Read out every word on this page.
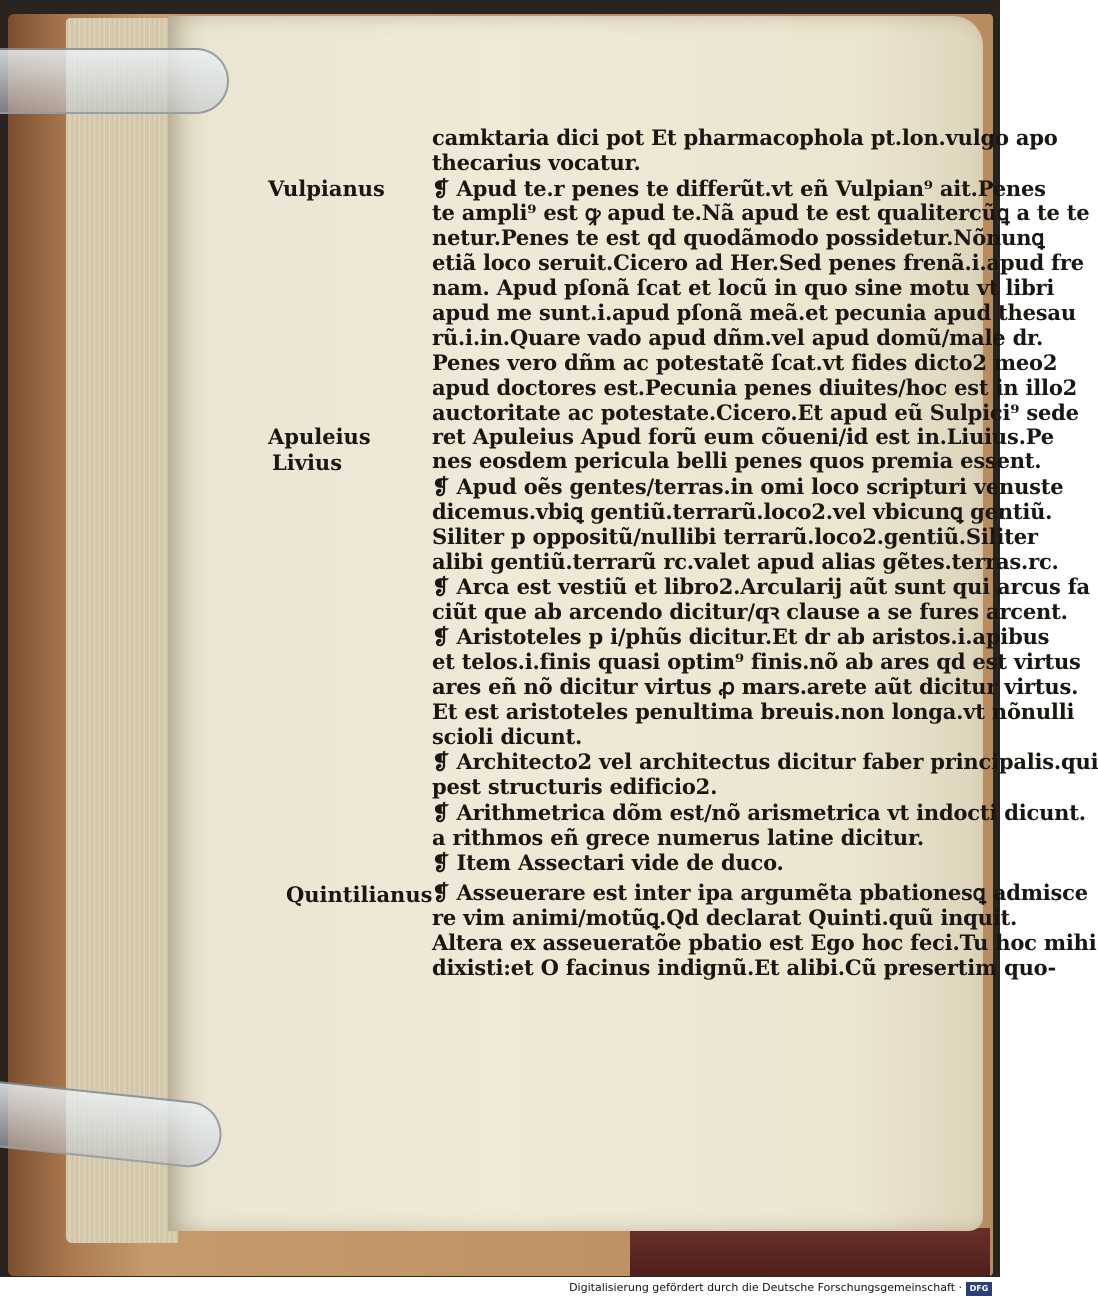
Vulpianus

Apuleius

Livius

Quintilianus

camktaria dici pot Et pharmacophola pt.lon.vulgo apo

thecarius vocatur.

❡ Apud te.r penes te differũt.vt eñ Vulpian⁹ ait.Penes

te ampli⁹ est ꝙ apud te.Nã apud te est qualitercũꝗ a te te

netur.Penes te est qd quodãmodo possidetur.Nõnunꝗ

etiã loco seruit.Cicero ad Her.Sed penes frenã.i.apud fre

nam. Apud pſonã ſcat et locũ in quo sine motu vt libri

apud me sunt.i.apud pſonã meã.et pecunia apud thesau

rũ.i.in.Quare vado apud dñm.vel apud domũ/male dr.

Penes vero dñm ac potestatẽ ſcat.vt fides dicto2 meo2

apud doctores est.Pecunia penes diuites/hoc est in illo2

auctoritate ac potestate.Cicero.Et apud eũ Sulpici⁹ sede

ret Apuleius Apud forũ eum cõueni/id est in.Liuius.Pe

nes eosdem pericula belli penes quos premia essent.

❡ Apud oẽs gentes/terras.in omi loco scripturi venuste

dicemus.vbiꝗ gentiũ.terrarũ.loco2.vel vbicunꝗ gentiũ.

Siliter p oppositũ/nullibi terrarũ.loco2.gentiũ.Siliter

alibi gentiũ.terrarũ rc.valet apud alias gẽtes.terras.rc.

❡ Arca est vestiũ et libro2.Arcularij aũt sunt qui arcus fa

ciũt que ab arcendo dicitur/qꝛ clause a se fures arcent.

❡ Aristoteles p i/phũs dicitur.Et dr ab aristos.i.apibus

et telos.i.finis quasi optim⁹ finis.nõ ab ares qd est virtus

ares eñ nõ dicitur virtus ꝓ mars.arete aũt dicitur virtus.

Et est aristoteles penultima breuis.non longa.vt nõnulli

scioli dicunt.

❡ Architecto2 vel architectus dicitur faber principalis.qui

pest structuris edificio2.

❡ Arithmetrica dõm est/nõ arismetrica vt indocti dicunt.

a rithmos eñ grece numerus latine dicitur.

❡ Item Assectari vide de duco.

❡ Asseuerare est inter ipa argumẽta pbationesꝗ admisce

re vim animi/motũꝗ.Qd declarat Quinti.quũ inquit.

Altera ex asseueratõe pbatio est Ego hoc feci.Tu hoc mihi

dixisti:et O facinus indignũ.Et alibi.Cũ presertim quo-

Digitalisierung gefördert durch die Deutsche Forschungsgemeinschaft · DFG
